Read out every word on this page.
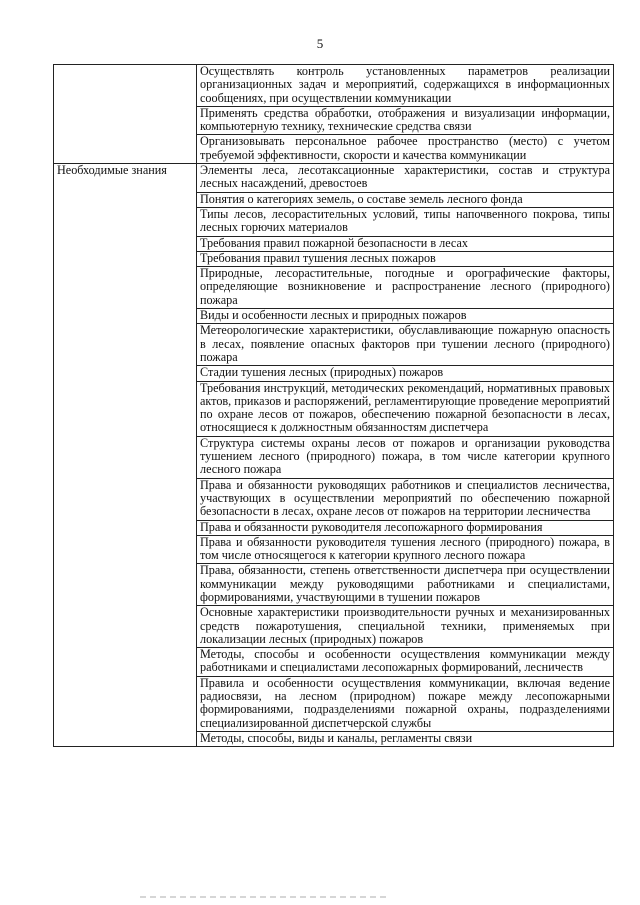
5
	Осуществлять контроль установленных параметров реализации организационных задач и мероприятий, содержащихся в информационных сообщениях, при осуществлении коммуникации
	Применять средства обработки, отображения и визуализации информации, компьютерную технику, технические средства связи
	Организовывать персональное рабочее пространство (место) с учетом требуемой эффективности, скорости и качества коммуникации
Необходимые знания	Элементы леса, лесотаксационные характеристики, состав и структура лесных насаждений, древостоев
	Понятия о категориях земель, о составе земель лесного фонда
	Типы лесов, лесорастительных условий, типы напочвенного покрова, типы лесных горючих материалов
	Требования правил пожарной безопасности в лесах
	Требования правил тушения лесных пожаров
	Природные, лесорастительные, погодные и орографические факторы, определяющие возникновение и распространение лесного (природного) пожара
	Виды и особенности лесных и природных пожаров
	Метеорологические характеристики, обуславливающие пожарную опасность в лесах, появление опасных факторов при тушении лесного (природного) пожара
	Стадии тушения лесных (природных) пожаров
	Требования инструкций, методических рекомендаций, нормативных правовых актов, приказов и распоряжений, регламентирующие проведение мероприятий по охране лесов от пожаров, обеспечению пожарной безопасности в лесах, относящиеся к должностным обязанностям диспетчера
	Структура системы охраны лесов от пожаров и организации руководства тушением лесного (природного) пожара, в том числе категории крупного лесного пожара
	Права и обязанности руководящих работников и специалистов лесничества, участвующих в осуществлении мероприятий по обеспечению пожарной безопасности в лесах, охране лесов от пожаров на территории лесничества
	Права и обязанности руководителя лесопожарного формирования
	Права и обязанности руководителя тушения лесного (природного) пожара, в том числе относящегося к категории крупного лесного пожара
	Права, обязанности, степень ответственности диспетчера при осуществлении коммуникации между руководящими работниками и специалистами, формированиями, участвующими в тушении пожаров
	Основные характеристики производительности ручных и механизированных средств пожаротушения, специальной техники, применяемых при локализации лесных (природных) пожаров
	Методы, способы и особенности осуществления коммуникации между работниками и специалистами лесопожарных формирований, лесничеств
	Правила и особенности осуществления коммуникации, включая ведение радиосвязи, на лесном (природном) пожаре между лесопожарными формированиями, подразделениями пожарной охраны, подразделениями специализированной диспетчерской службы
	Методы, способы, виды и каналы, регламенты связи
